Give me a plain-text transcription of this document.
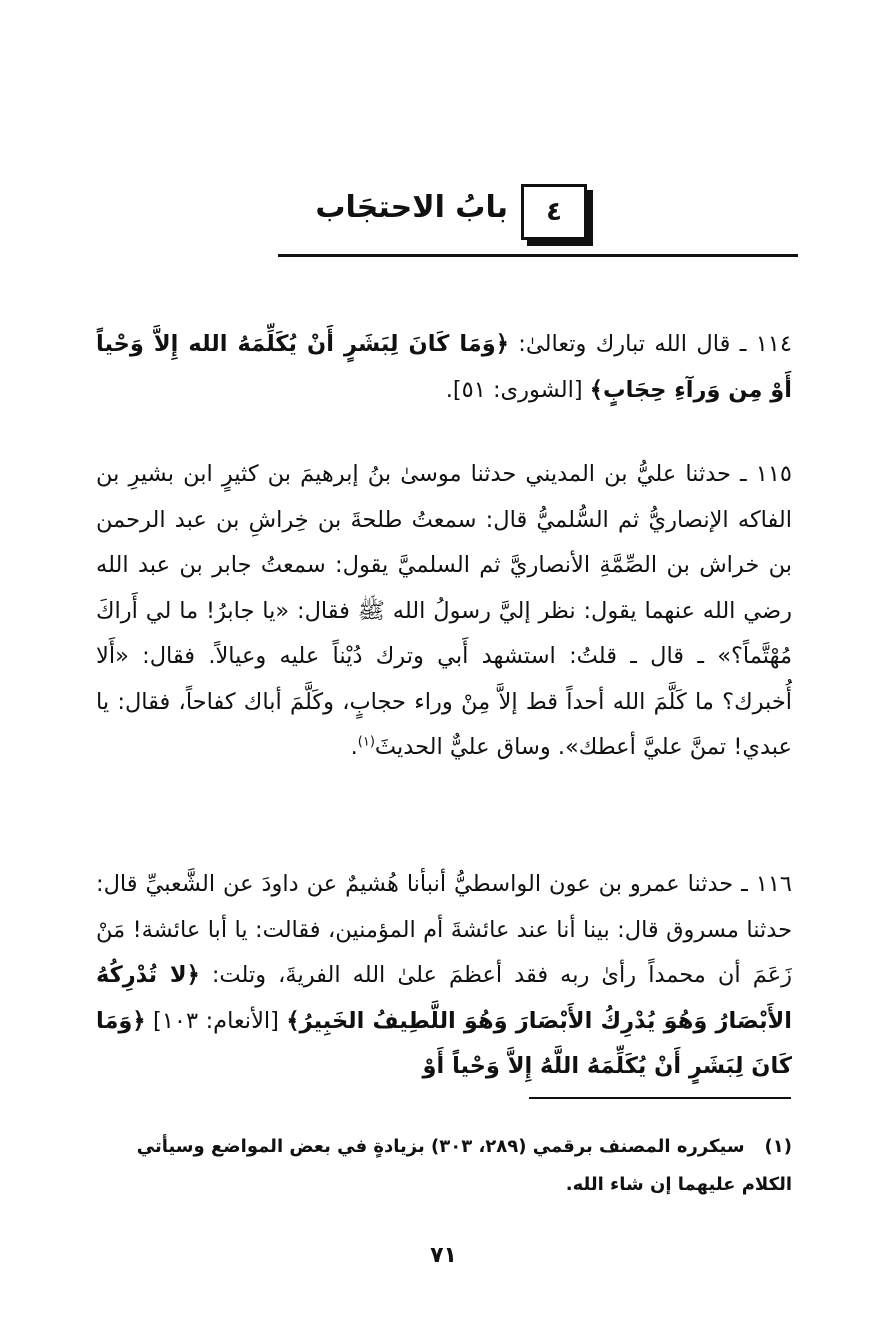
٤
بابُ الاحتجَاب

١١٤ ـ قال الله تبارك وتعالىٰ: ﴿وَمَا كَانَ لِبَشَرٍ أَنْ يُكَلِّمَهُ الله إِلاَّ وَحْياً أَوْ مِن وَرآءِ حِجَابٍ﴾ [الشورى: ٥١].

١١٥ ـ حدثنا عليُّ بن المديني حدثنا موسىٰ بنُ إبرهيمَ بن كثيرٍ ابن بشيرِ بن الفاكه الإنصاريُّ ثم السُّلميُّ قال: سمعتُ طلحةَ بن خِراشِ بن عبد الرحمن بن خراش بن الصِّمَّةِ الأنصاريَّ ثم السلميَّ يقول: سمعتُ جابر بن عبد الله رضي الله عنهما يقول: نظر إليَّ رسولُ الله ﷺ فقال: «يا جابرُ! ما لي أَراكَ مُهْتَّماً؟» ـ قال ـ قلتُ: استشهد أَبي وترك دُيْناً عليه وعيالاً. فقال: «أَلا أُخبرك؟ ما كَلَّمَ الله أحداً قط إلاَّ مِنْ وراء حجابٍ، وكَلَّمَ أباك كفاحاً، فقال: يا عبدي! تمنَّ عليَّ أعطك». وساق عليٌّ الحديثَ$^{(١)}$.

١١٦ ـ حدثنا عمرو بن عون الواسطيُّ أنبأنا هُشيمٌ عن داودَ عن الشَّعبيِّ قال: حدثنا مسروق قال: بينا أنا عند عائشةَ أم المؤمنين، فقالت: يا أبا عائشة! مَنْ زَعَمَ أن محمداً رأىٰ ربه فقد أعظمَ علىٰ الله الفريةَ، وتلت: ﴿لا تُدْرِكُهُ الأَبْصَارُ وَهُوَ يُدْرِكُ الأَبْصَارَ وَهُوَ اللَّطِيفُ الخَبِيرُ﴾ [الأنعام: ١٠٣] ﴿وَمَا كَانَ لِبَشَرٍ أَنْ يُكَلِّمَهُ اللَّهُ إِلاَّ وَحْياً أَوْ

(١)سيكرره المصنف برقمي (٢٨٩، ٣٠٣) بزيادةٍ في بعض المواضع وسيأتي الكلام عليهما إن شاء الله.
٧١
